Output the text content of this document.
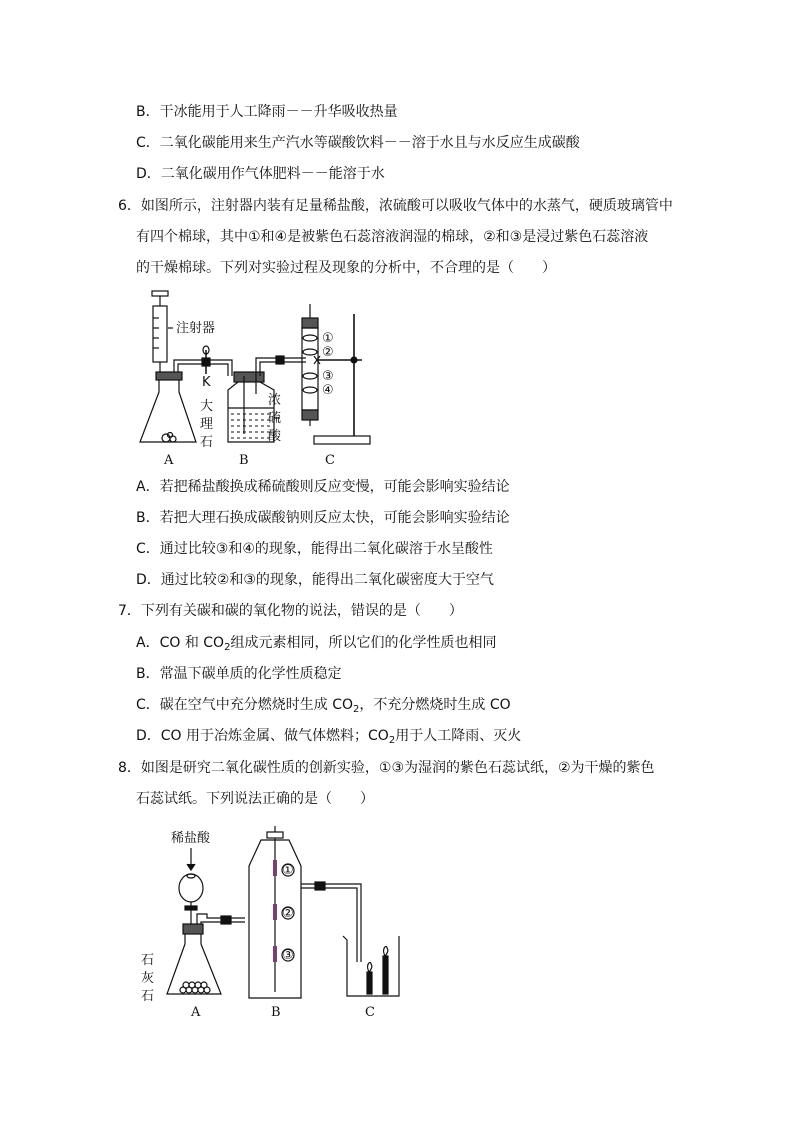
B．干冰能用于人工降雨－－升华吸收热量
C．二氧化碳能用来生产汽水等碳酸饮料－－溶于水且与水反应生成碳酸
D．二氧化碳用作气体肥料－－能溶于水
6．如图所示，注射器内装有足量稀盐酸，浓硫酸可以吸收气体中的水蒸气，硬质玻璃管中
有四个棉球，其中①和④是被紫色石蕊溶液润湿的棉球，②和③是浸过紫色石蕊溶液
的干燥棉球。下列对实验过程及现象的分析中，不合理的是（　　）
注射器
K
大
理
石
浓
硫
酸
①
②
③
④
A	B	C
A．若把稀盐酸换成稀硫酸则反应变慢，可能会影响实验结论
B．若把大理石换成碳酸钠则反应太快，可能会影响实验结论
C．通过比较③和④的现象，能得出二氧化碳溶于水呈酸性
D．通过比较②和③的现象，能得出二氧化碳密度大于空气
7．下列有关碳和碳的氧化物的说法，错误的是（　　）
A．CO 和 $CO_2$组成元素相同，所以它们的化学性质也相同
B．常温下碳单质的化学性质稳定
C．碳在空气中充分燃烧时生成 $CO_2$，不充分燃烧时生成 CO
D．CO 用于冶炼金属、做气体燃料；$CO_2$用于人工降雨、灭火
8．如图是研究二氧化碳性质的创新实验，①③为湿润的紫色石蕊试纸，②为干燥的紫色
石蕊试纸。下列说法正确的是（　　）
稀盐酸
石
灰
石
①
②
③
A	B	C
